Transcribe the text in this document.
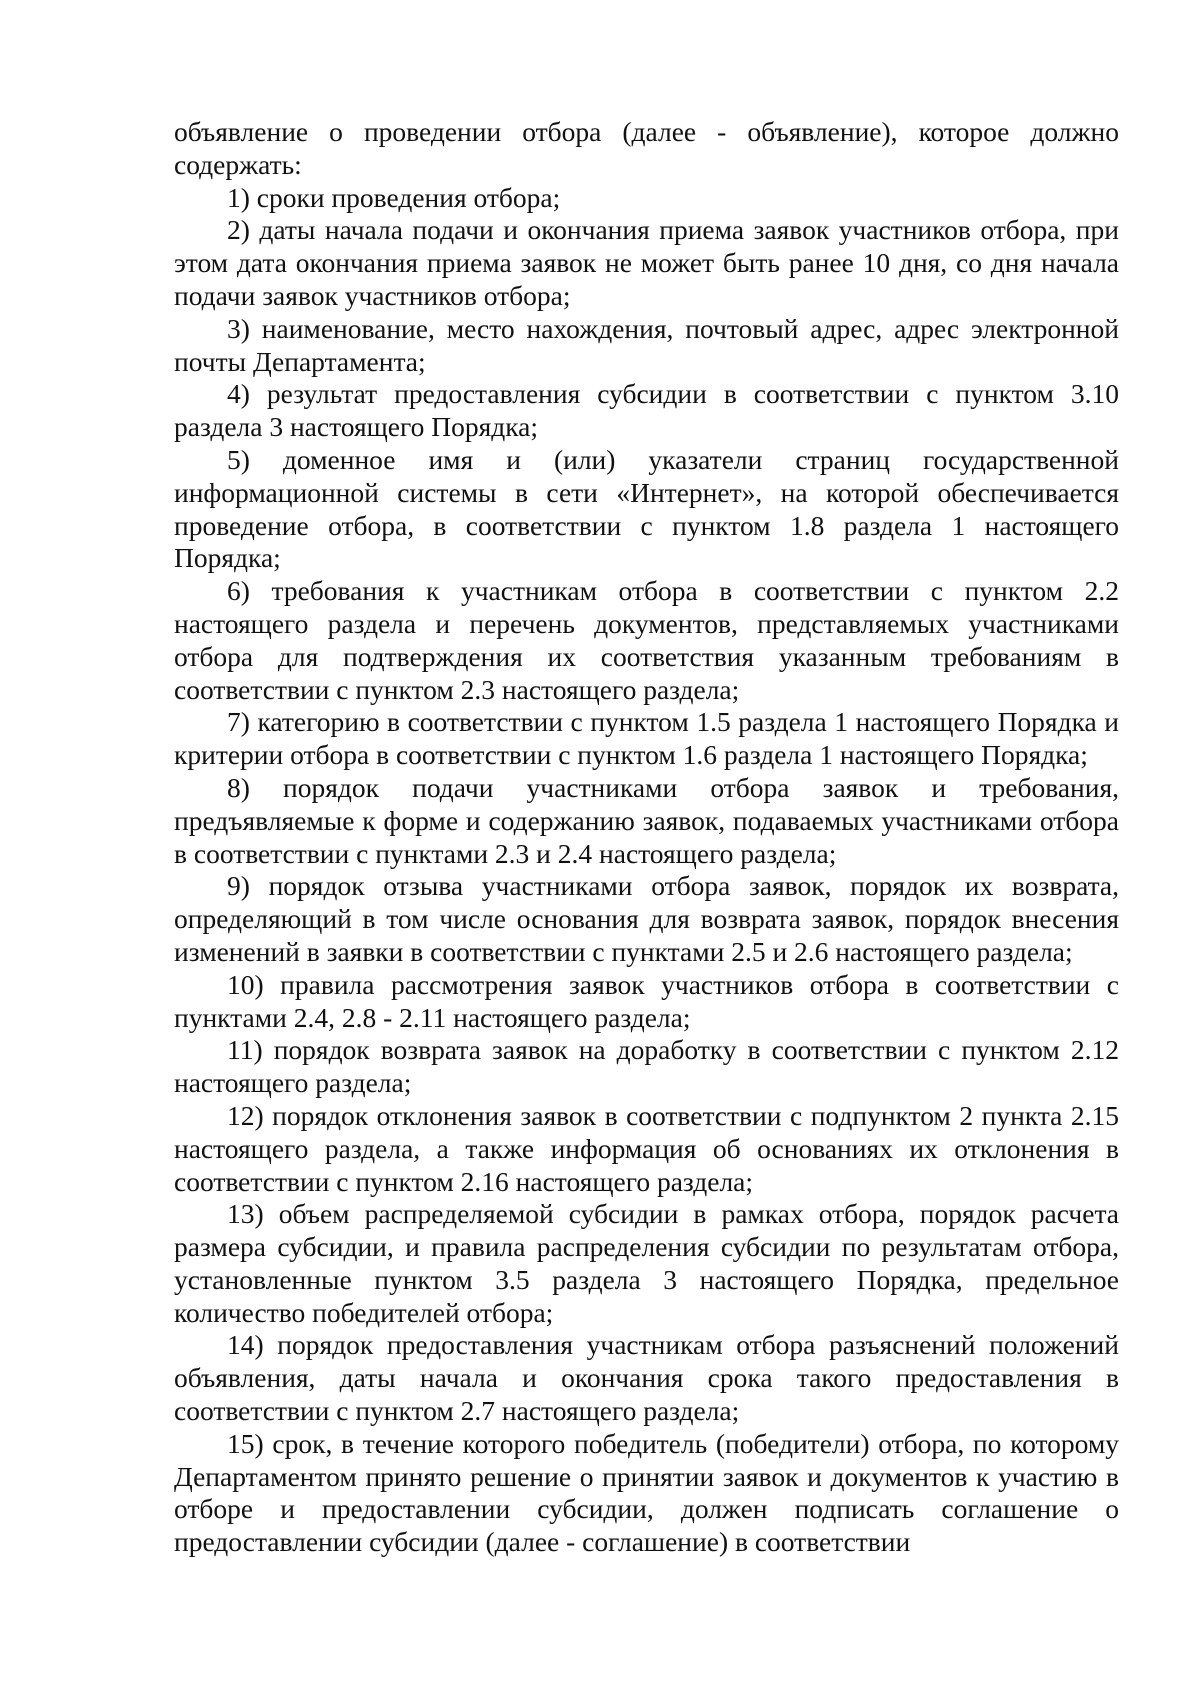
объявление о проведении отбора (далее - объявление), которое должно содержать:

1) сроки проведения отбора;

2) даты начала подачи и окончания приема заявок участников отбора, при этом дата окончания приема заявок не может быть ранее 10 дня, со дня начала подачи заявок участников отбора;

3) наименование, место нахождения, почтовый адрес, адрес электронной почты Департамента;

4) результат предоставления субсидии в соответствии с пунктом 3.10 раздела 3 настоящего Порядка;

5) доменное имя и (или) указатели страниц государственной информационной системы в сети «Интернет», на которой обеспечивается проведение отбора, в соответствии с пунктом 1.8 раздела 1 настоящего Порядка;

6) требования к участникам отбора в соответствии с пунктом 2.2 настоящего раздела и перечень документов, представляемых участниками отбора для подтверждения их соответствия указанным требованиям в соответствии с пунктом 2.3 настоящего раздела;

7) категорию в соответствии с пунктом 1.5 раздела 1 настоящего Порядка и критерии отбора в соответствии с пунктом 1.6 раздела 1 настоящего Порядка;

8) порядок подачи участниками отбора заявок и требования, предъявляемые к форме и содержанию заявок, подаваемых участниками отбора в соответствии с пунктами 2.3 и 2.4 настоящего раздела;

9) порядок отзыва участниками отбора заявок, порядок их возврата, определяющий в том числе основания для возврата заявок, порядок внесения изменений в заявки в соответствии с пунктами 2.5 и 2.6 настоящего раздела;

10) правила рассмотрения заявок участников отбора в соответствии с пунктами 2.4, 2.8 - 2.11 настоящего раздела;

11) порядок возврата заявок на доработку в соответствии с пунктом 2.12 настоящего раздела;

12) порядок отклонения заявок в соответствии с подпунктом 2 пункта 2.15 настоящего раздела, а также информация об основаниях их отклонения в соответствии с пунктом 2.16 настоящего раздела;

13) объем распределяемой субсидии в рамках отбора, порядок расчета размера субсидии, и правила распределения субсидии по результатам отбора, установленные пунктом 3.5 раздела 3 настоящего Порядка, предельное количество победителей отбора;

14) порядок предоставления участникам отбора разъяснений положений объявления, даты начала и окончания срока такого предоставления в соответствии с пунктом 2.7 настоящего раздела;

15) срок, в течение которого победитель (победители) отбора, по которому Департаментом принято решение о принятии заявок и документов к участию в отборе и предоставлении субсидии, должен подписать соглашение о предоставлении субсидии (далее - соглашение) в соответствии
